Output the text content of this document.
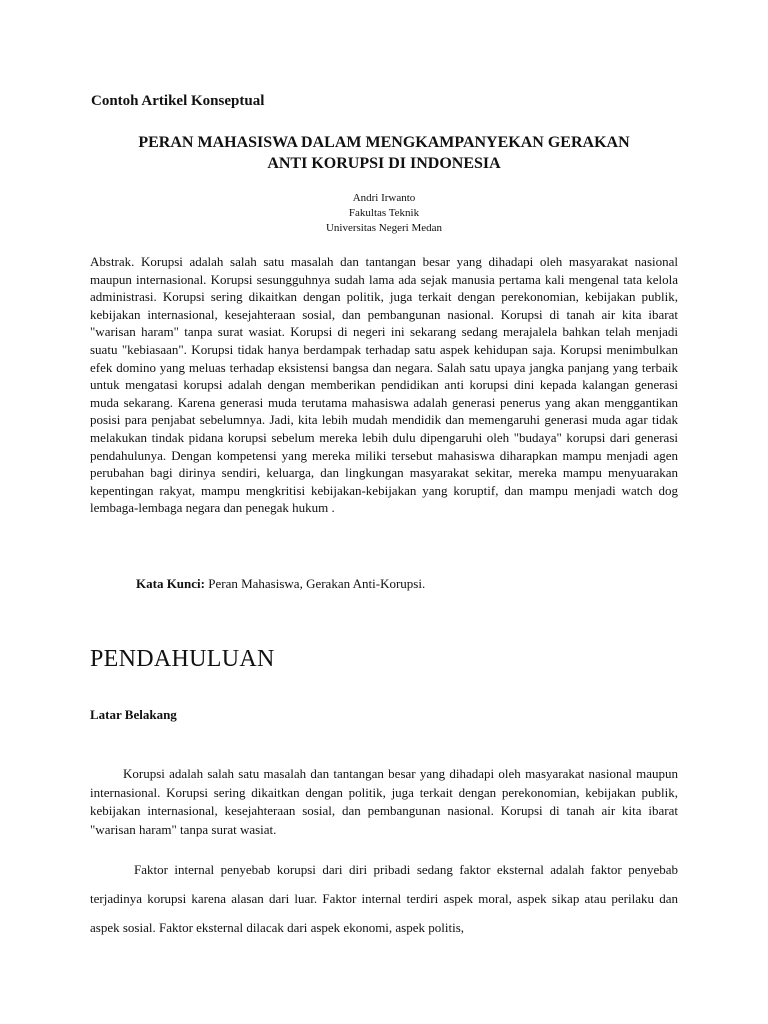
Contoh Artikel Konseptual
PERAN MAHASISWA DALAM MENGKAMPANYEKAN GERAKAN
ANTI KORUPSI DI INDONESIA
Andri Irwanto
Fakultas Teknik
Universitas Negeri Medan
Abstrak. Korupsi adalah salah satu masalah dan tantangan besar yang dihadapi oleh masyarakat nasional maupun internasional. Korupsi sesungguhnya sudah lama ada sejak manusia pertama kali mengenal tata kelola administrasi. Korupsi sering dikaitkan dengan politik, juga terkait dengan perekonomian, kebijakan publik, kebijakan internasional, kesejahteraan sosial, dan pembangunan nasional. Korupsi di tanah air kita ibarat "warisan haram" tanpa surat wasiat. Korupsi di negeri ini sekarang sedang merajalela bahkan telah menjadi suatu "kebiasaan". Korupsi tidak hanya berdampak terhadap satu aspek kehidupan saja. Korupsi menimbulkan efek domino yang meluas terhadap eksistensi bangsa dan negara. Salah satu upaya jangka panjang yang terbaik untuk mengatasi korupsi adalah dengan memberikan pendidikan anti korupsi dini kepada kalangan generasi muda sekarang. Karena generasi muda terutama mahasiswa adalah generasi penerus yang akan menggantikan posisi para penjabat sebelumnya. Jadi, kita lebih mudah mendidik dan memengaruhi generasi muda agar tidak melakukan tindak pidana korupsi sebelum mereka lebih dulu dipengaruhi oleh "budaya" korupsi dari generasi pendahulunya. Dengan kompetensi yang mereka miliki tersebut mahasiswa diharapkan mampu menjadi agen perubahan bagi dirinya sendiri, keluarga, dan lingkungan masyarakat sekitar, mereka mampu menyuarakan kepentingan rakyat, mampu mengkritisi kebijakan-kebijakan yang koruptif, dan mampu menjadi watch dog lembaga-lembaga negara dan penegak hukum .
Kata Kunci: Peran Mahasiswa, Gerakan Anti-Korupsi.
PENDAHULUAN
Latar Belakang
Korupsi adalah salah satu masalah dan tantangan besar yang dihadapi oleh masyarakat nasional maupun internasional. Korupsi sering dikaitkan dengan politik, juga terkait dengan perekonomian, kebijakan publik, kebijakan internasional, kesejahteraan sosial, dan pembangunan nasional. Korupsi di tanah air kita ibarat "warisan haram" tanpa surat wasiat.
Faktor internal penyebab korupsi dari diri pribadi sedang faktor eksternal adalah faktor penyebab terjadinya korupsi karena alasan dari luar. Faktor internal terdiri aspek moral, aspek sikap atau perilaku dan aspek sosial. Faktor eksternal dilacak dari aspek ekonomi, aspek politis,
